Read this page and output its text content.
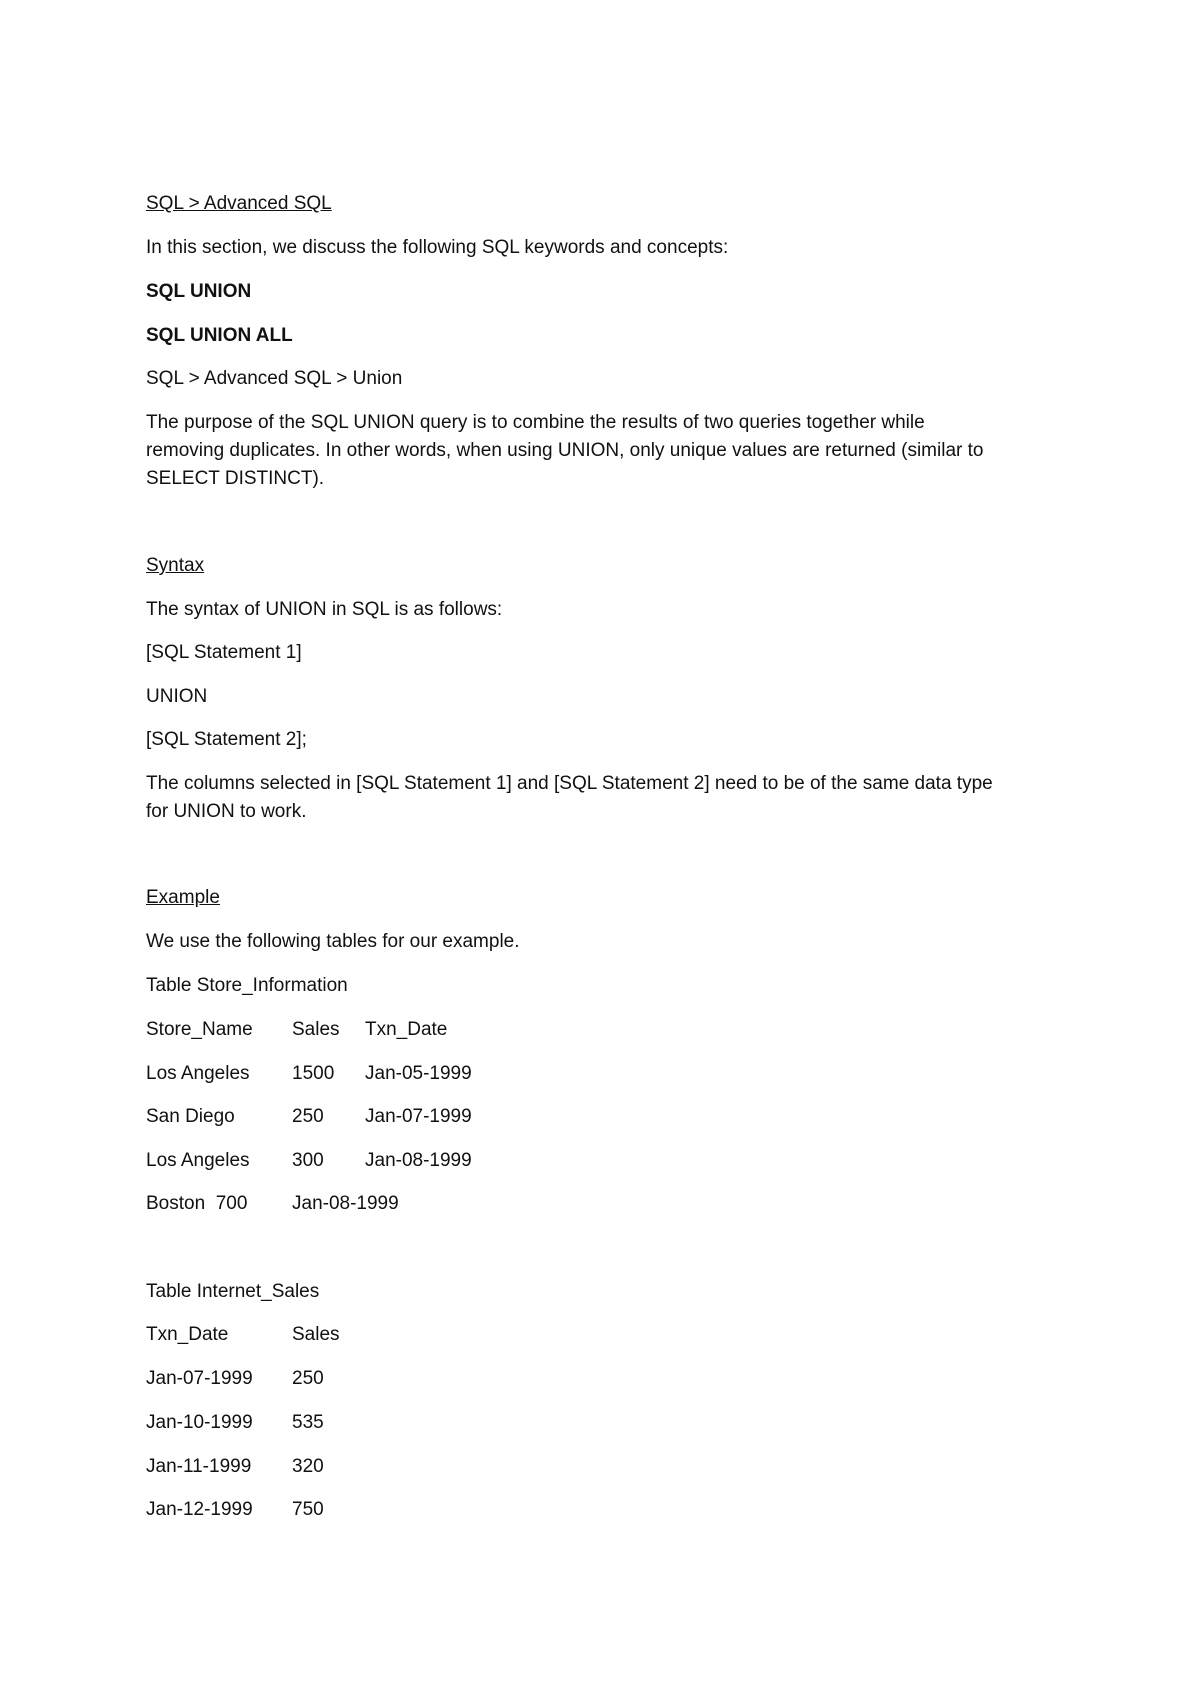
SQL > Advanced SQL
In this section, we discuss the following SQL keywords and concepts:
SQL UNION
SQL UNION ALL
SQL > Advanced SQL > Union
The purpose of the SQL UNION query is to combine the results of two queries together while
removing duplicates. In other words, when using UNION, only unique values are returned (similar to
SELECT DISTINCT).
Syntax
The syntax of UNION in SQL is as follows:
[SQL Statement 1]
UNION
[SQL Statement 2];
The columns selected in [SQL Statement 1] and [SQL Statement 2] need to be of the same data type
for UNION to work.
Example
We use the following tables for our example.
Table Store_Information
Store_Name Sales Txn_Date
Los Angeles 1500 Jan-05-1999
San Diego	250 Jan-07-1999
Los Angeles 300 Jan-08-1999
Boston  700 Jan-08-1999
Table Internet_Sales
Txn_Date	Sales
Jan-07-1999 250
Jan-10-1999 535
Jan-11-1999 320
Jan-12-1999 750
